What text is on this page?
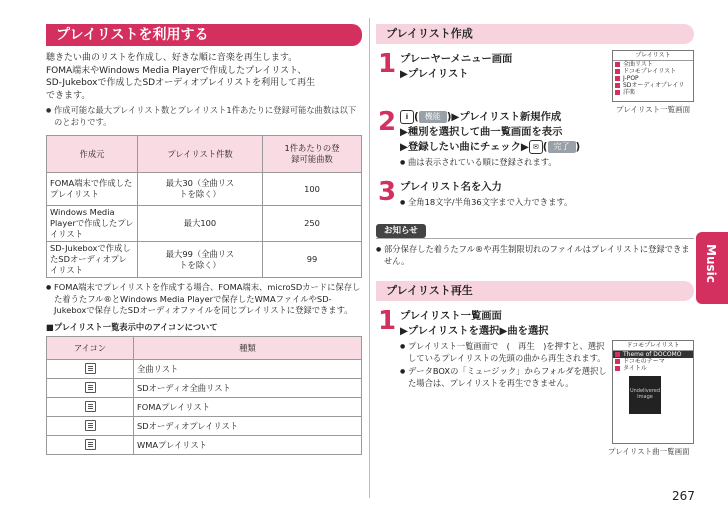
プレイリストを利用する
聴きたい曲のリストを作成し、好きな順に音楽を再生します。
FOMA端末やWindows Media Playerで作成したプレイリスト、
SD-Jukeboxで作成したSDオーディオプレイリストを利用して再生
できます。
● 作成可能な最大プレイリスト数とプレイリスト1件あたりに登録可能な曲数は以下のとおりです。
作成元	プレイリスト件数	1件あたりの登録可能曲数
FOMA端末で作成したプレイリスト	最大30（全曲リストを除く）	100
Windows Media Playerで作成したプレイリスト	最大100	250
SD-Jukeboxで作成したSDオーディオプレイリスト	最大99（全曲リストを除く）	99
● FOMA端末でプレイリストを作成する場合、FOMA端末、microSDカードに保存した着うたフル®とWindows Media Playerで保存したWMAファイルやSD-Jukeboxで保存したSDオーディオファイルを同じプレイリストに登録できます。
■プレイリスト一覧表示中のアイコンについて
アイコン	種類
	全曲リスト
	SDオーディオ全曲リスト
	FOMAプレイリスト
	SDオーディオプレイリスト
	WMAプレイリスト
プレイリスト作成
1 プレーヤーメニュー画面
▶プレイリスト
2	i ( 機能 )▶プレイリスト新規作成
▶種別を選択して曲一覧画面を表示
▶登録したい曲にチェック▶ ✉ ( 完了 )
● 曲は表示されている順に登録されます。
3 プレイリスト名を入力
● 全角18文字/半角36文字まで入力できます。
お知らせ
● 部分保存した着うたフル®や再生制限切れのファイルはプレイリストに登録できません。
プレイリスト再生
1 プレイリスト一覧画面
▶プレイリストを選択▶曲を選択
● プレイリスト一覧画面で　(　再生　)を押すと、選択しているプレイリストの先頭の曲から再生されます。
● データBOXの「ミュージック」からフォルダを選択した場合は、プレイリストを再生できません。
プレイリスト
全曲リスト
ドコモプレイリスト
J-POP
SDオーディオプレイリ
洋楽
プレイリスト一覧画面
ドコモプレイリスト
Theme of DOCOMO
ドコモのテーマ
タイトル
Undelivered Image
プレイリスト曲一覧画面
Music
267
